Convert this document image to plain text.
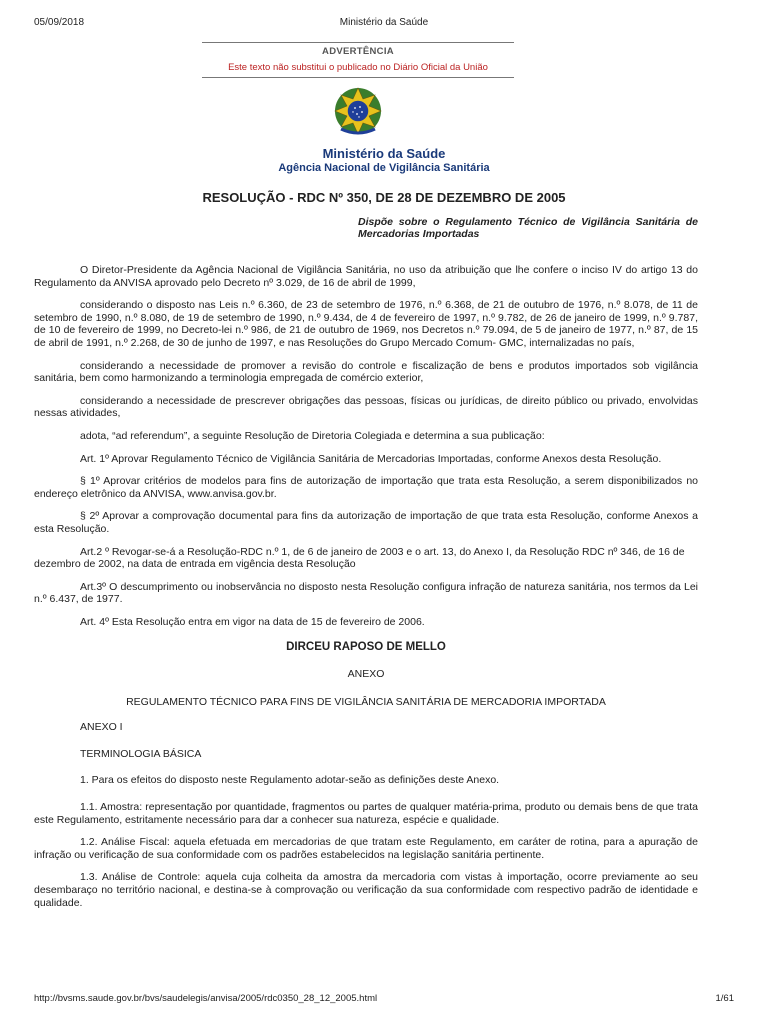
05/09/2018	Ministério da Saúde
ADVERTÊNCIA
Este texto não substitui o publicado no Diário Oficial da União
Ministério da Saúde
Agência Nacional de Vigilância Sanitária
RESOLUÇÃO - RDC Nº 350, DE 28 DE DEZEMBRO DE 2005
Dispõe sobre o Regulamento Técnico de Vigilância Sanitária de Mercadorias Importadas

O Diretor-Presidente da Agência Nacional de Vigilância Sanitária, no uso da atribuição que lhe confere o inciso IV do artigo 13 do Regulamento da ANVISA aprovado pelo Decreto nº 3.029, de 16 de abril de 1999,

considerando o disposto nas Leis n.º 6.360, de 23 de setembro de 1976, n.º 6.368, de 21 de outubro de 1976, n.º 8.078, de 11 de setembro de 1990, n.º 8.080, de 19 de setembro de 1990, n.º 9.434, de 4 de fevereiro de 1997, n.º 9.782, de 26 de janeiro de 1999, n.º 9.787, de 10 de fevereiro de 1999, no Decreto-lei n.º 986, de 21 de outubro de 1969, nos Decretos n.º 79.094, de 5 de janeiro de 1977, n.º 87, de 15 de abril de 1991, n.º 2.268, de 30 de junho de 1997, e nas Resoluções do Grupo Mercado Comum- GMC, internalizadas no país,

considerando a necessidade de promover a revisão do controle e fiscalização de bens e produtos importados sob vigilância sanitária, bem como harmonizando a terminologia empregada de comércio exterior,

considerando a necessidade de prescrever obrigações das pessoas, físicas ou jurídicas, de direito público ou privado, envolvidas nessas atividades,

adota, “ad referendum”, a seguinte Resolução de Diretoria Colegiada e determina a sua publicação:

Art. 1º Aprovar Regulamento Técnico de Vigilância Sanitária de Mercadorias Importadas, conforme Anexos desta Resolução.

§ 1º Aprovar critérios de modelos para fins de autorização de importação que trata esta Resolução, a serem disponibilizados no endereço eletrônico da ANVISA, www.anvisa.gov.br.

§ 2º Aprovar a comprovação documental para fins da autorização de importação de que trata esta Resolução, conforme Anexos a esta Resolução.

Art.2 º Revogar-se-á a Resolução-RDC n.º 1, de 6 de janeiro de 2003 e o art. 13, do Anexo I, da Resolução RDC nº 346, de 16 de
dezembro de 2002, na data de entrada em vigência desta Resolução

Art.3º O descumprimento ou inobservância no disposto nesta Resolução configura infração de natureza sanitária, nos termos da Lei n.º 6.437, de 1977.

Art. 4º Esta Resolução entra em vigor na data de 15 de fevereiro de 2006.

DIRCEU RAPOSO DE MELLO

ANEXO

REGULAMENTO TÉCNICO PARA FINS DE VIGILÂNCIA SANITÁRIA DE MERCADORIA IMPORTADA

ANEXO I

TERMINOLOGIA BÁSICA

1. Para os efeitos do disposto neste Regulamento adotar-seão as definições deste Anexo.

1.1. Amostra: representação por quantidade, fragmentos ou partes de qualquer matéria-prima, produto ou demais bens de que trata este Regulamento, estritamente necessário para dar a conhecer sua natureza, espécie e qualidade.

1.2. Análise Fiscal: aquela efetuada em mercadorias de que tratam este Regulamento, em caráter de rotina, para a apuração de infração ou verificação de sua conformidade com os padrões estabelecidos na legislação sanitária pertinente.

1.3. Análise de Controle: aquela cuja colheita da amostra da mercadoria com vistas à importação, ocorre previamente ao seu desembaraço no território nacional, e destina-se à comprovação ou verificação da sua conformidade com respectivo padrão de identidade e qualidade.

http://bvsms.saude.gov.br/bvs/saudelegis/anvisa/2005/rdc0350_28_12_2005.html	1/61
